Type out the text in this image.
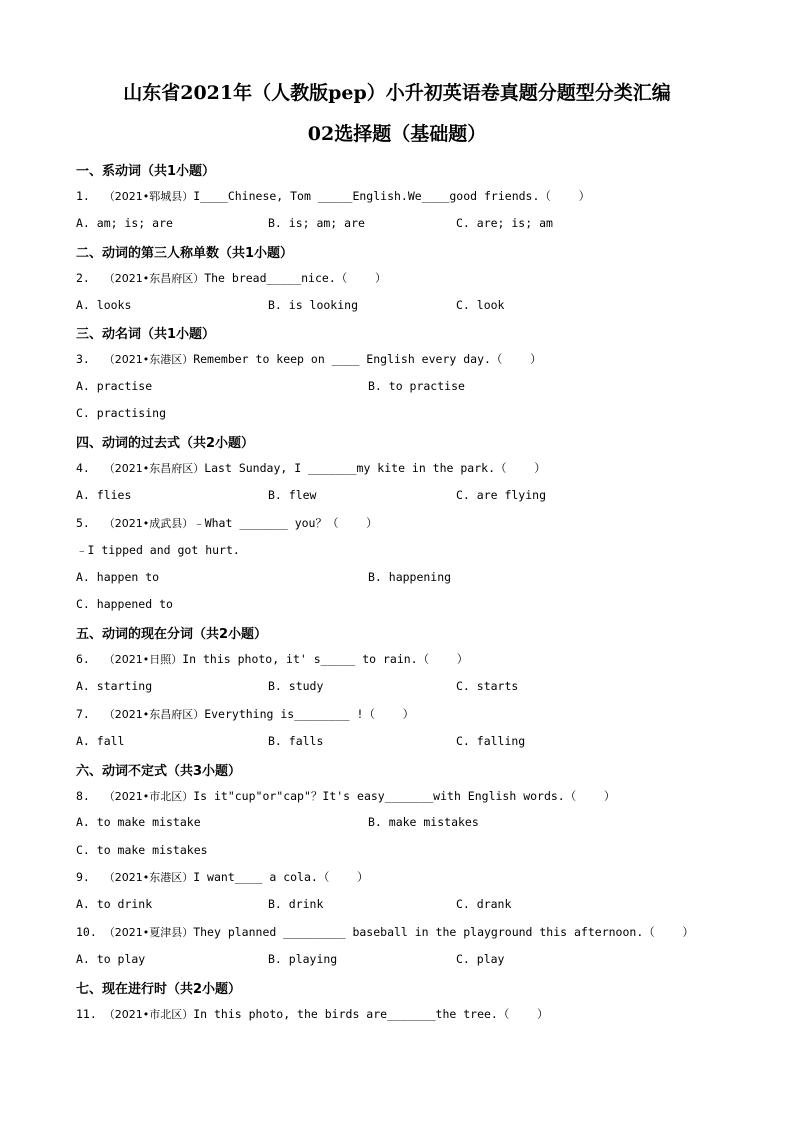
山东省2021年（人教版pep）小升初英语卷真题分题型分类汇编
02选择题（基础题）
一、系动词（共1小题）
1. （2021•郓城县）I____Chinese, Tom _____English.We____good friends.（    ）
A. am; is; are	B. is; am; are	C. are; is; am
二、动词的第三人称单数（共1小题）
2. （2021•东昌府区）The bread_____nice.（    ）
A. looks	B. is looking	C. look
三、动名词（共1小题）
3. （2021•东港区）Remember to keep on ____ English every day.（    ）
A. practise	B. to practise
C. practising
四、动词的过去式（共2小题）
4. （2021•东昌府区）Last Sunday, I _______my kite in the park.（    ）
A. flies	B. flew	C. are flying
5. （2021•成武县）﹣What _______ you？（    ）
﹣I tipped and got hurt.
A. happen to	B. happening
C. happened to
五、动词的现在分词（共2小题）
6. （2021•日照）In this photo, it' s_____ to rain.（    ）
A. starting	B. study	C. starts
7. （2021•东昌府区）Everything is________ !（    ）
A. fall	B. falls	C. falling
六、动词不定式（共3小题）
8. （2021•市北区）Is it"cup"or"cap"？It's easy_______with English words.（    ）
A. to make mistake	B. make mistakes
C. to make mistakes
9. （2021•东港区）I want____ a cola.（    ）
A. to drink	B. drink	C. drank
10. （2021•夏津县）They planned _________ baseball in the playground this afternoon.（    ）
A. to play	B. playing	C. play
七、现在进行时（共2小题）
11. （2021•市北区）In this photo, the birds are_______the tree.（    ）
